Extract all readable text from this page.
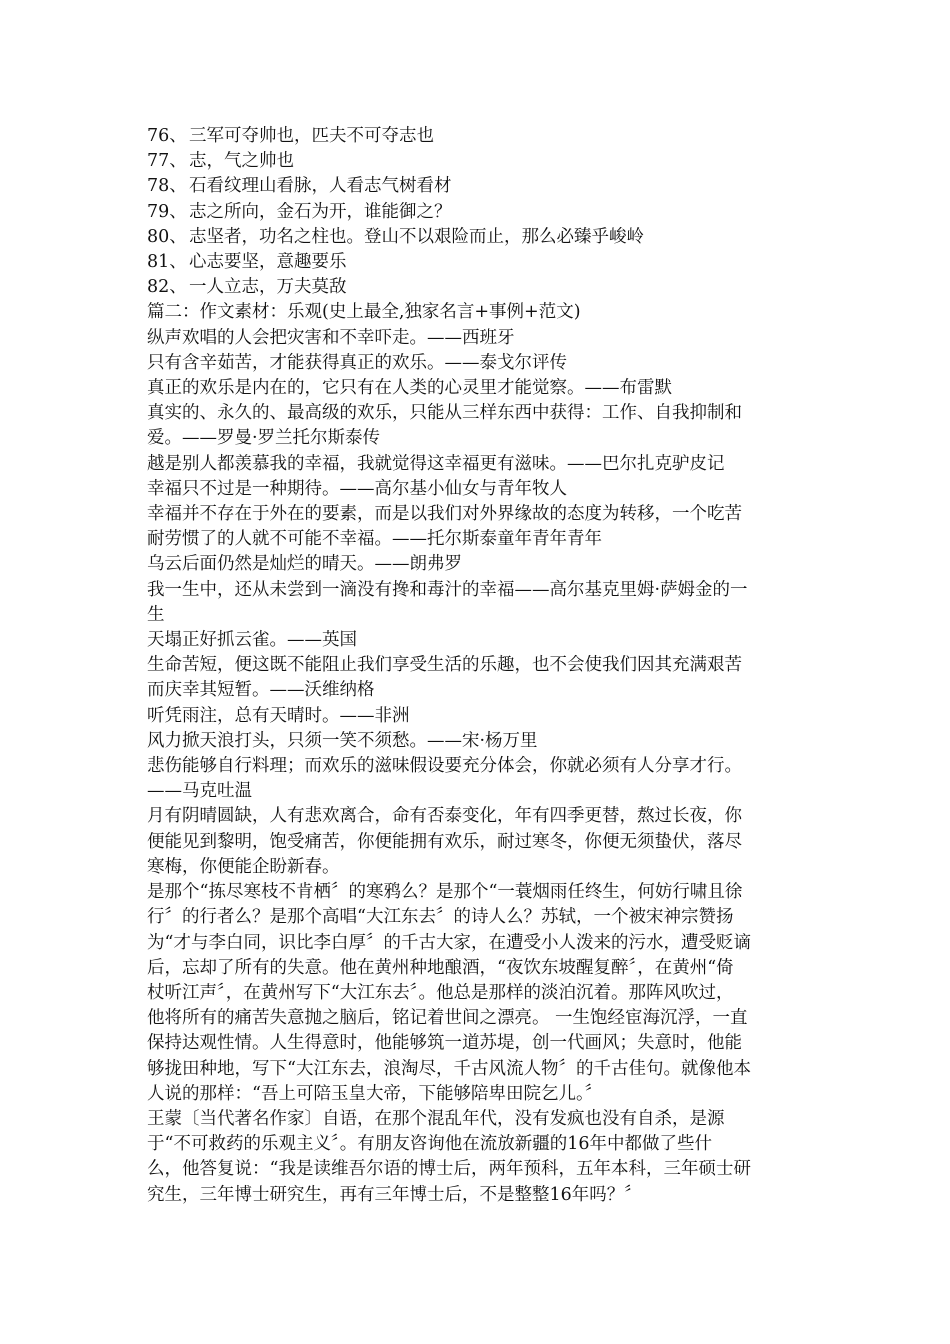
76、 三军可夺帅也，匹夫不可夺志也

77、 志，气之帅也

78、 石看纹理山看脉，人看志气树看材

79、 志之所向，金石为开，谁能御之？

80、 志坚者，功名之柱也。登山不以艰险而止，那么必臻乎峻岭

81、 心志要坚，意趣要乐

82、 一人立志，万夫莫敌

篇二：作文素材：乐观(史上最全,独家名言+事例+范文)

纵声欢唱的人会把灾害和不幸吓走。——西班牙

只有含辛茹苦，才能获得真正的欢乐。——泰戈尔评传

真正的欢乐是内在的，它只有在人类的心灵里才能觉察。——布雷默

真实的、永久的、最高级的欢乐，只能从三样东西中获得：工作、自我抑制和

爱。——罗曼·罗兰托尔斯泰传

越是别人都羡慕我的幸福，我就觉得这幸福更有滋味。——巴尔扎克驴皮记

幸福只不过是一种期待。——高尔基小仙女与青年牧人

幸福并不存在于外在的要素，而是以我们对外界缘故的态度为转移，一个吃苦

耐劳惯了的人就不可能不幸福。——托尔斯泰童年青年青年

乌云后面仍然是灿烂的晴天。——朗弗罗

我一生中，还从未尝到一滴没有搀和毒汁的幸福——高尔基克里姆·萨姆金的一

生

天塌正好抓云雀。——英国

生命苦短，便这既不能阻止我们享受生活的乐趣，也不会使我们因其充满艰苦

而庆幸其短暂。——沃维纳格

听凭雨注，总有天晴时。——非洲

风力掀天浪打头，只须一笑不须愁。——宋·杨万里

悲伤能够自行料理；而欢乐的滋味假设要充分体会，你就必须有人分享才行。

——马克吐温

月有阴晴圆缺，人有悲欢离合，命有否泰变化，年有四季更替，熬过长夜，你

便能见到黎明，饱受痛苦，你便能拥有欢乐，耐过寒冬，你便无须蛰伏，落尽

寒梅，你便能企盼新春。

是那个“拣尽寒枝不肯栖〞的寒鸦么？是那个“一蓑烟雨任终生，何妨行啸且徐

行〞的行者么？是那个高唱“大江东去〞的诗人么？苏轼，一个被宋神宗赞扬

为“才与李白同，识比李白厚〞的千古大家，在遭受小人泼来的污水，遭受贬谪

后，忘却了所有的失意。他在黄州种地酿酒，“夜饮东坡醒复醉〞，在黄州“倚

杖听江声〞，在黄州写下“大江东去〞。他总是那样的淡泊沉着。那阵风吹过，

他将所有的痛苦失意抛之脑后，铭记着世间之漂亮。 一生饱经宦海沉浮，一直

保持达观性情。人生得意时，他能够筑一道苏堤，创一代画风；失意时，他能

够拢田种地，写下“大江东去，浪淘尽，千古风流人物〞的千古佳句。就像他本

人说的那样：“吾上可陪玉皇大帝，下能够陪卑田院乞儿。〞

王蒙〔当代著名作家〕自语，在那个混乱年代，没有发疯也没有自杀，是源

于“不可救药的乐观主义〞。有朋友咨询他在流放新疆的16年中都做了些什

么，他答复说：“我是读维吾尔语的博士后，两年预科，五年本科，三年硕士研

究生，三年博士研究生，再有三年博士后，不是整整16年吗？〞
